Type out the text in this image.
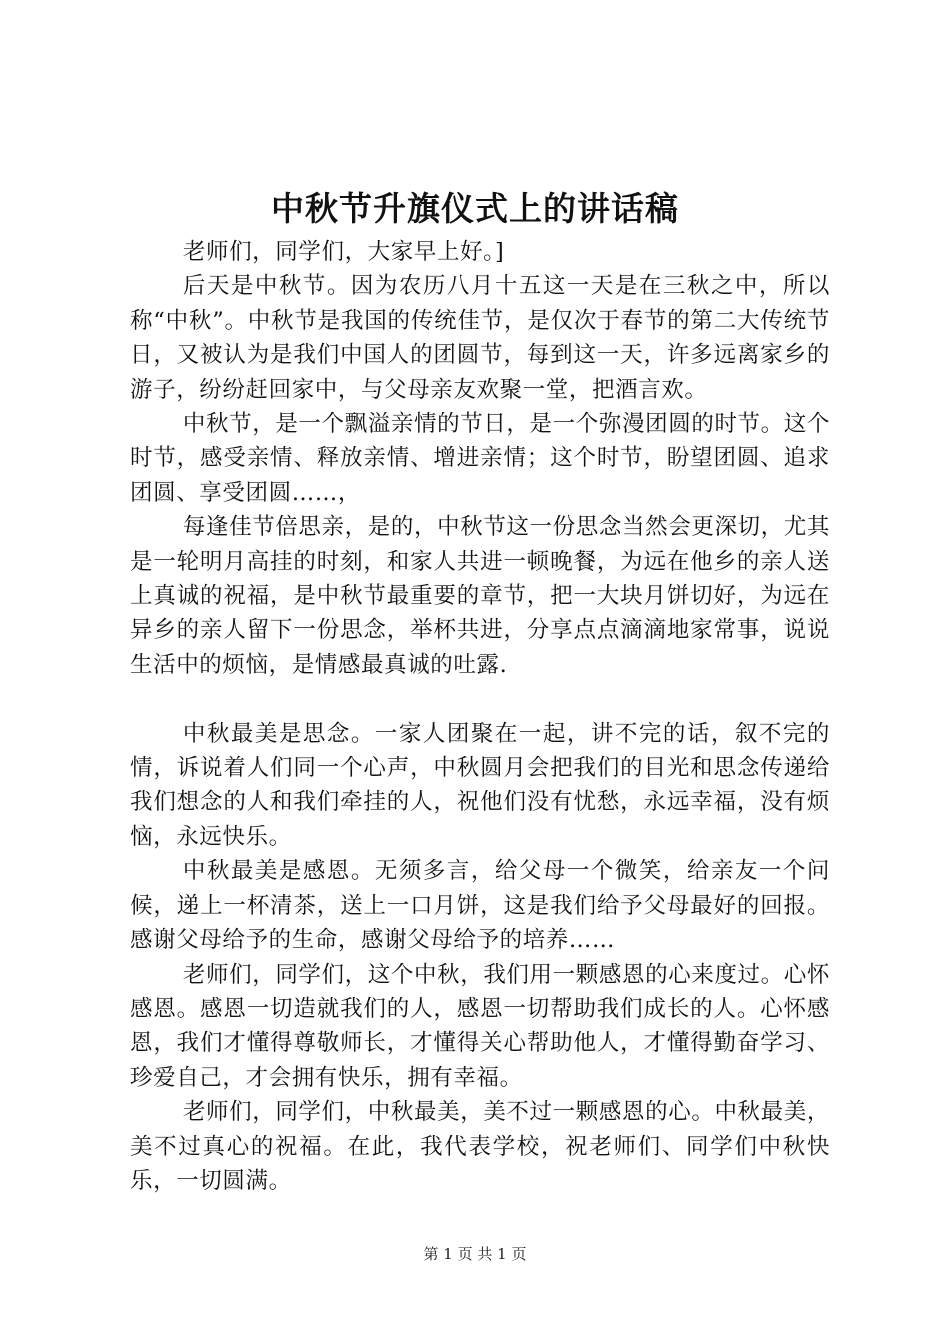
中秋节升旗仪式上的讲话稿

老师们，同学们，大家早上好。]

后天是中秋节。因为农历八月十五这一天是在三秋之中，所以称“中秋”。中秋节是我国的传统佳节，是仅次于春节的第二大传统节日，又被认为是我们中国人的团圆节，每到这一天，许多远离家乡的游子，纷纷赶回家中，与父母亲友欢聚一堂，把酒言欢。

中秋节，是一个飘溢亲情的节日，是一个弥漫团圆的时节。这个时节，感受亲情、释放亲情、增进亲情；这个时节，盼望团圆、追求团圆、享受团圆……，

每逢佳节倍思亲，是的，中秋节这一份思念当然会更深切，尤其是一轮明月高挂的时刻，和家人共进一顿晚餐，为远在他乡的亲人送上真诚的祝福，是中秋节最重要的章节，把一大块月饼切好，为远在异乡的亲人留下一份思念，举杯共进，分享点点滴滴地家常事，说说生活中的烦恼，是情感最真诚的吐露.

中秋最美是思念。一家人团聚在一起，讲不完的话，叙不完的情，诉说着人们同一个心声，中秋圆月会把我们的目光和思念传递给我们想念的人和我们牵挂的人，祝他们没有忧愁，永远幸福，没有烦恼，永远快乐。

中秋最美是感恩。无须多言，给父母一个微笑，给亲友一个问候，递上一杯清茶，送上一口月饼，这是我们给予父母最好的回报。感谢父母给予的生命，感谢父母给予的培养……

老师们，同学们，这个中秋，我们用一颗感恩的心来度过。心怀感恩。感恩一切造就我们的人，感恩一切帮助我们成长的人。心怀感恩，我们才懂得尊敬师长，才懂得关心帮助他人，才懂得勤奋学习、珍爱自己，才会拥有快乐，拥有幸福。

老师们，同学们，中秋最美，美不过一颗感恩的心。中秋最美，美不过真心的祝福。在此，我代表学校，祝老师们、同学们中秋快乐，一切圆满。

第 1 页 共 1 页
